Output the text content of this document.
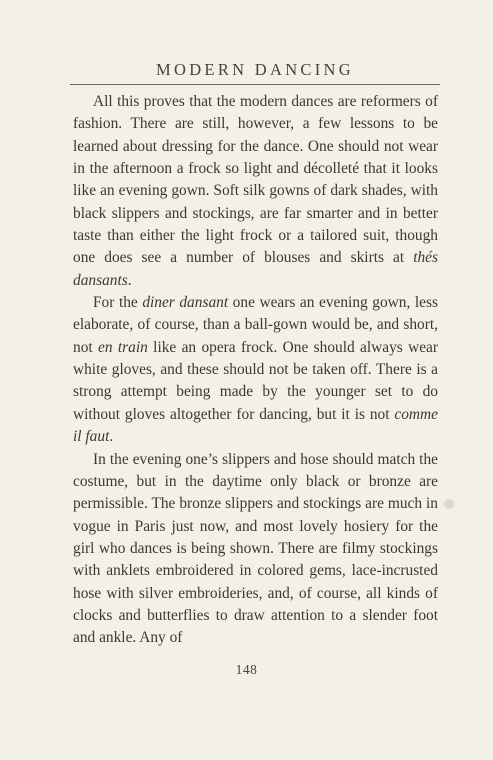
MODERN DANCING

All this proves that the modern dances are reformers of fashion. There are still, however, a few lessons to be learned about dressing for the dance. One should not wear in the afternoon a frock so light and décolleté that it looks like an evening gown. Soft silk gowns of dark shades, with black slippers and stockings, are far smarter and in better taste than either the light frock or a tailored suit, though one does see a number of blouses and skirts at thés dansants.

For the diner dansant one wears an evening gown, less elaborate, of course, than a ball-gown would be, and short, not en train like an opera frock. One should always wear white gloves, and these should not be taken off. There is a strong attempt being made by the younger set to do without gloves altogether for dancing, but it is not comme il faut.

In the evening one’s slippers and hose should match the costume, but in the daytime only black or bronze are permissible. The bronze slippers and stockings are much in vogue in Paris just now, and most lovely hosiery for the girl who dances is being shown. There are filmy stockings with anklets embroidered in colored gems, lace-incrusted hose with silver embroideries, and, of course, all kinds of clocks and butterflies to draw attention to a slender foot and ankle. Any of

148
